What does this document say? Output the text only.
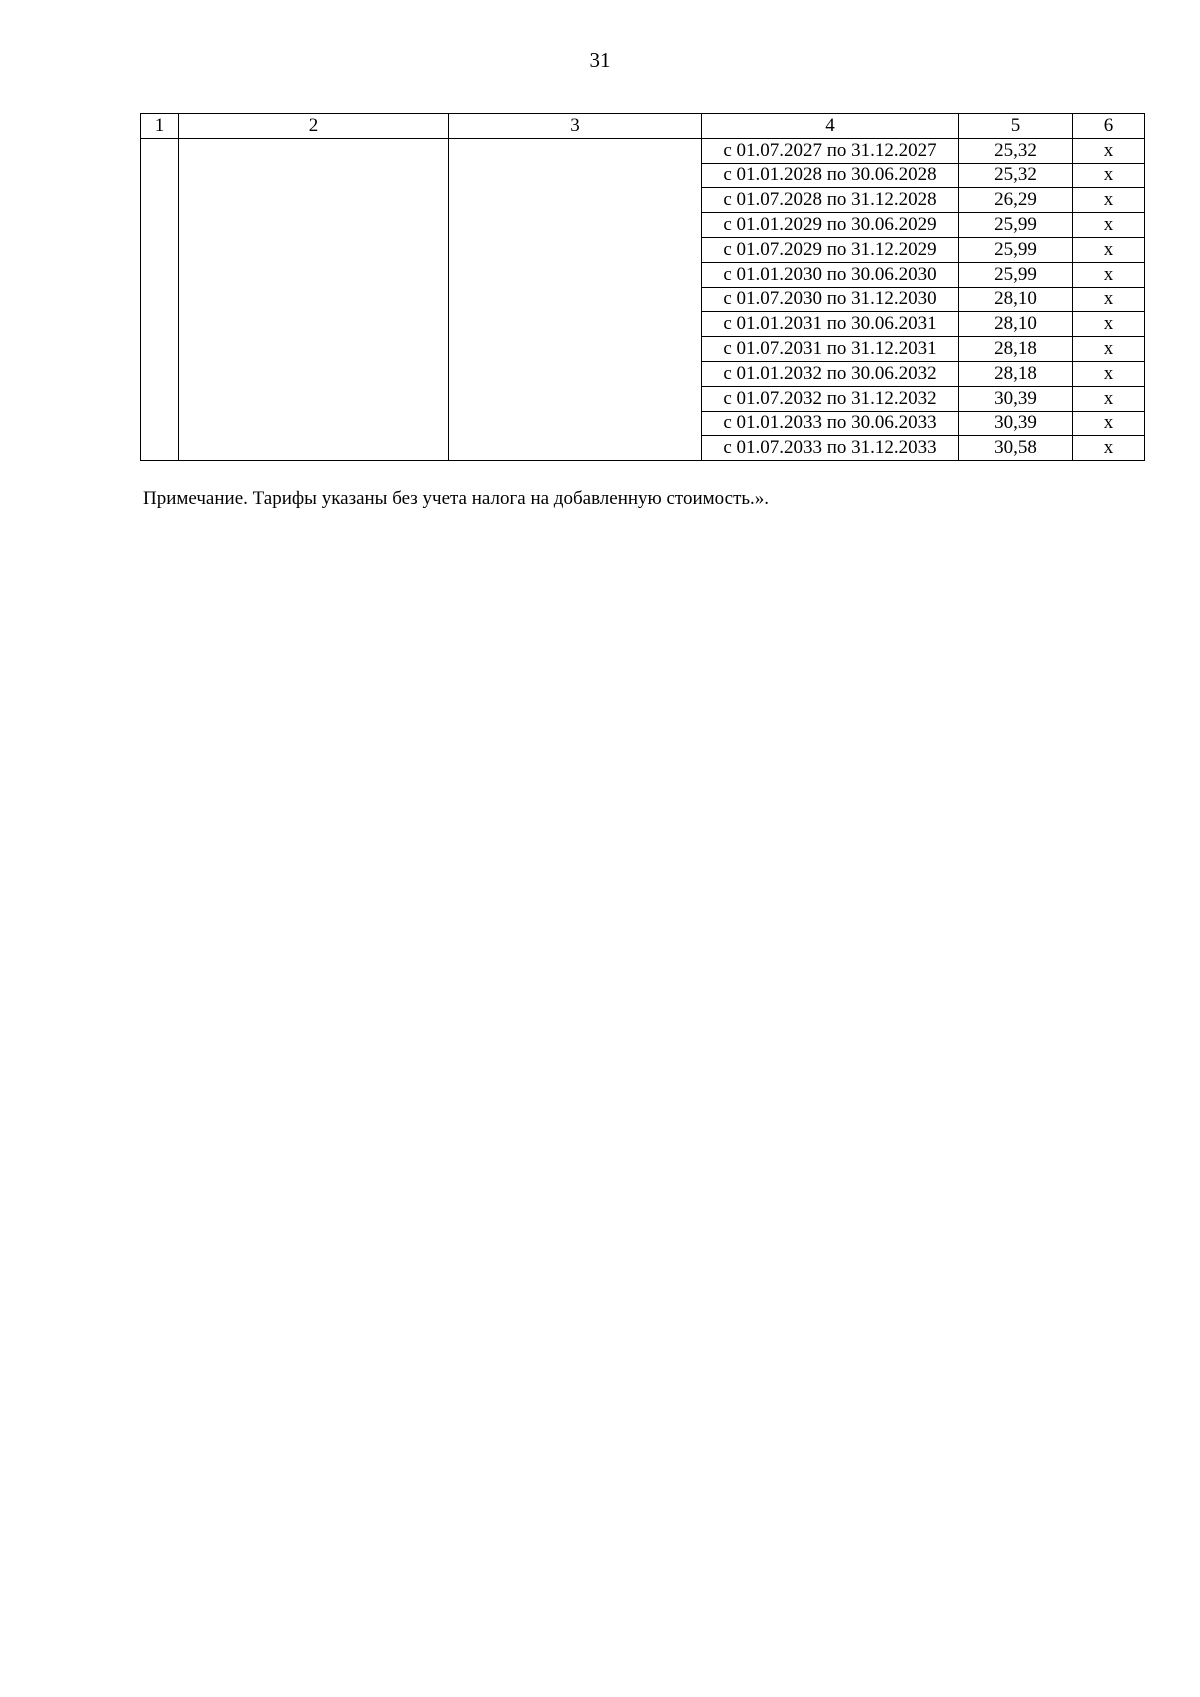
31
1	2	3	4	5	6
			с 01.07.2027 по 31.12.2027	25,32	х
			с 01.01.2028 по 30.06.2028	25,32	х
			с 01.07.2028 по 31.12.2028	26,29	х
			с 01.01.2029 по 30.06.2029	25,99	х
			с 01.07.2029 по 31.12.2029	25,99	х
			с 01.01.2030 по 30.06.2030	25,99	х
			с 01.07.2030 по 31.12.2030	28,10	х
			с 01.01.2031 по 30.06.2031	28,10	х
			с 01.07.2031 по 31.12.2031	28,18	х
			с 01.01.2032 по 30.06.2032	28,18	х
			с 01.07.2032 по 31.12.2032	30,39	х
			с 01.01.2033 по 30.06.2033	30,39	х
			с 01.07.2033 по 31.12.2033	30,58	х
Примечание. Тарифы указаны без учета налога на добавленную стоимость.».
